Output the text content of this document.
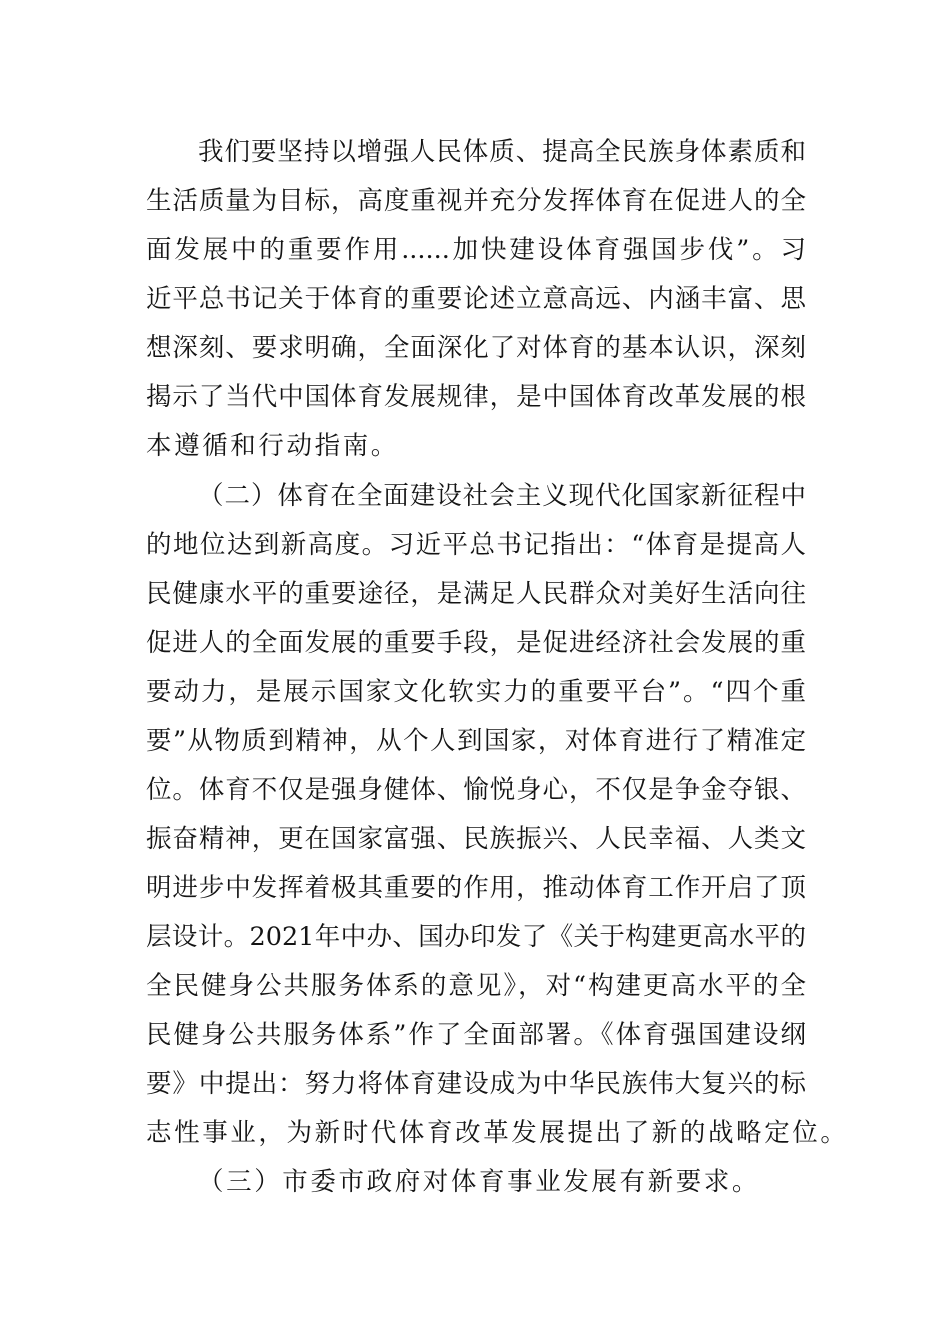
我们要坚持以增强人民体质、提高全民族身体素质和
生活质量为目标，高度重视并充分发挥体育在促进人的全
面发展中的重要作用......加快建设体育强国步伐”。习
近平总书记关于体育的重要论述立意高远、内涵丰富、思
想深刻、要求明确，全面深化了对体育的基本认识，深刻
揭示了当代中国体育发展规律，是中国体育改革发展的根
本遵循和行动指南。
（二）体育在全面建设社会主义现代化国家新征程中
的地位达到新高度。习近平总书记指出：“体育是提高人
民健康水平的重要途径，是满足人民群众对美好生活向往
促进人的全面发展的重要手段，是促进经济社会发展的重
要动力，是展示国家文化软实力的重要平台”。“四个重
要”从物质到精神，从个人到国家，对体育进行了精准定
位。体育不仅是强身健体、愉悦身心，不仅是争金夺银、
振奋精神，更在国家富强、民族振兴、人民幸福、人类文
明进步中发挥着极其重要的作用，推动体育工作开启了顶
层设计。2021年中办、国办印发了《关于构建更高水平的
全民健身公共服务体系的意见》，对“构建更高水平的全
民健身公共服务体系”作了全面部署。《体育强国建设纲
要》中提出：努力将体育建设成为中华民族伟大复兴的标
志性事业，为新时代体育改革发展提出了新的战略定位。
（三）市委市政府对体育事业发展有新要求。
